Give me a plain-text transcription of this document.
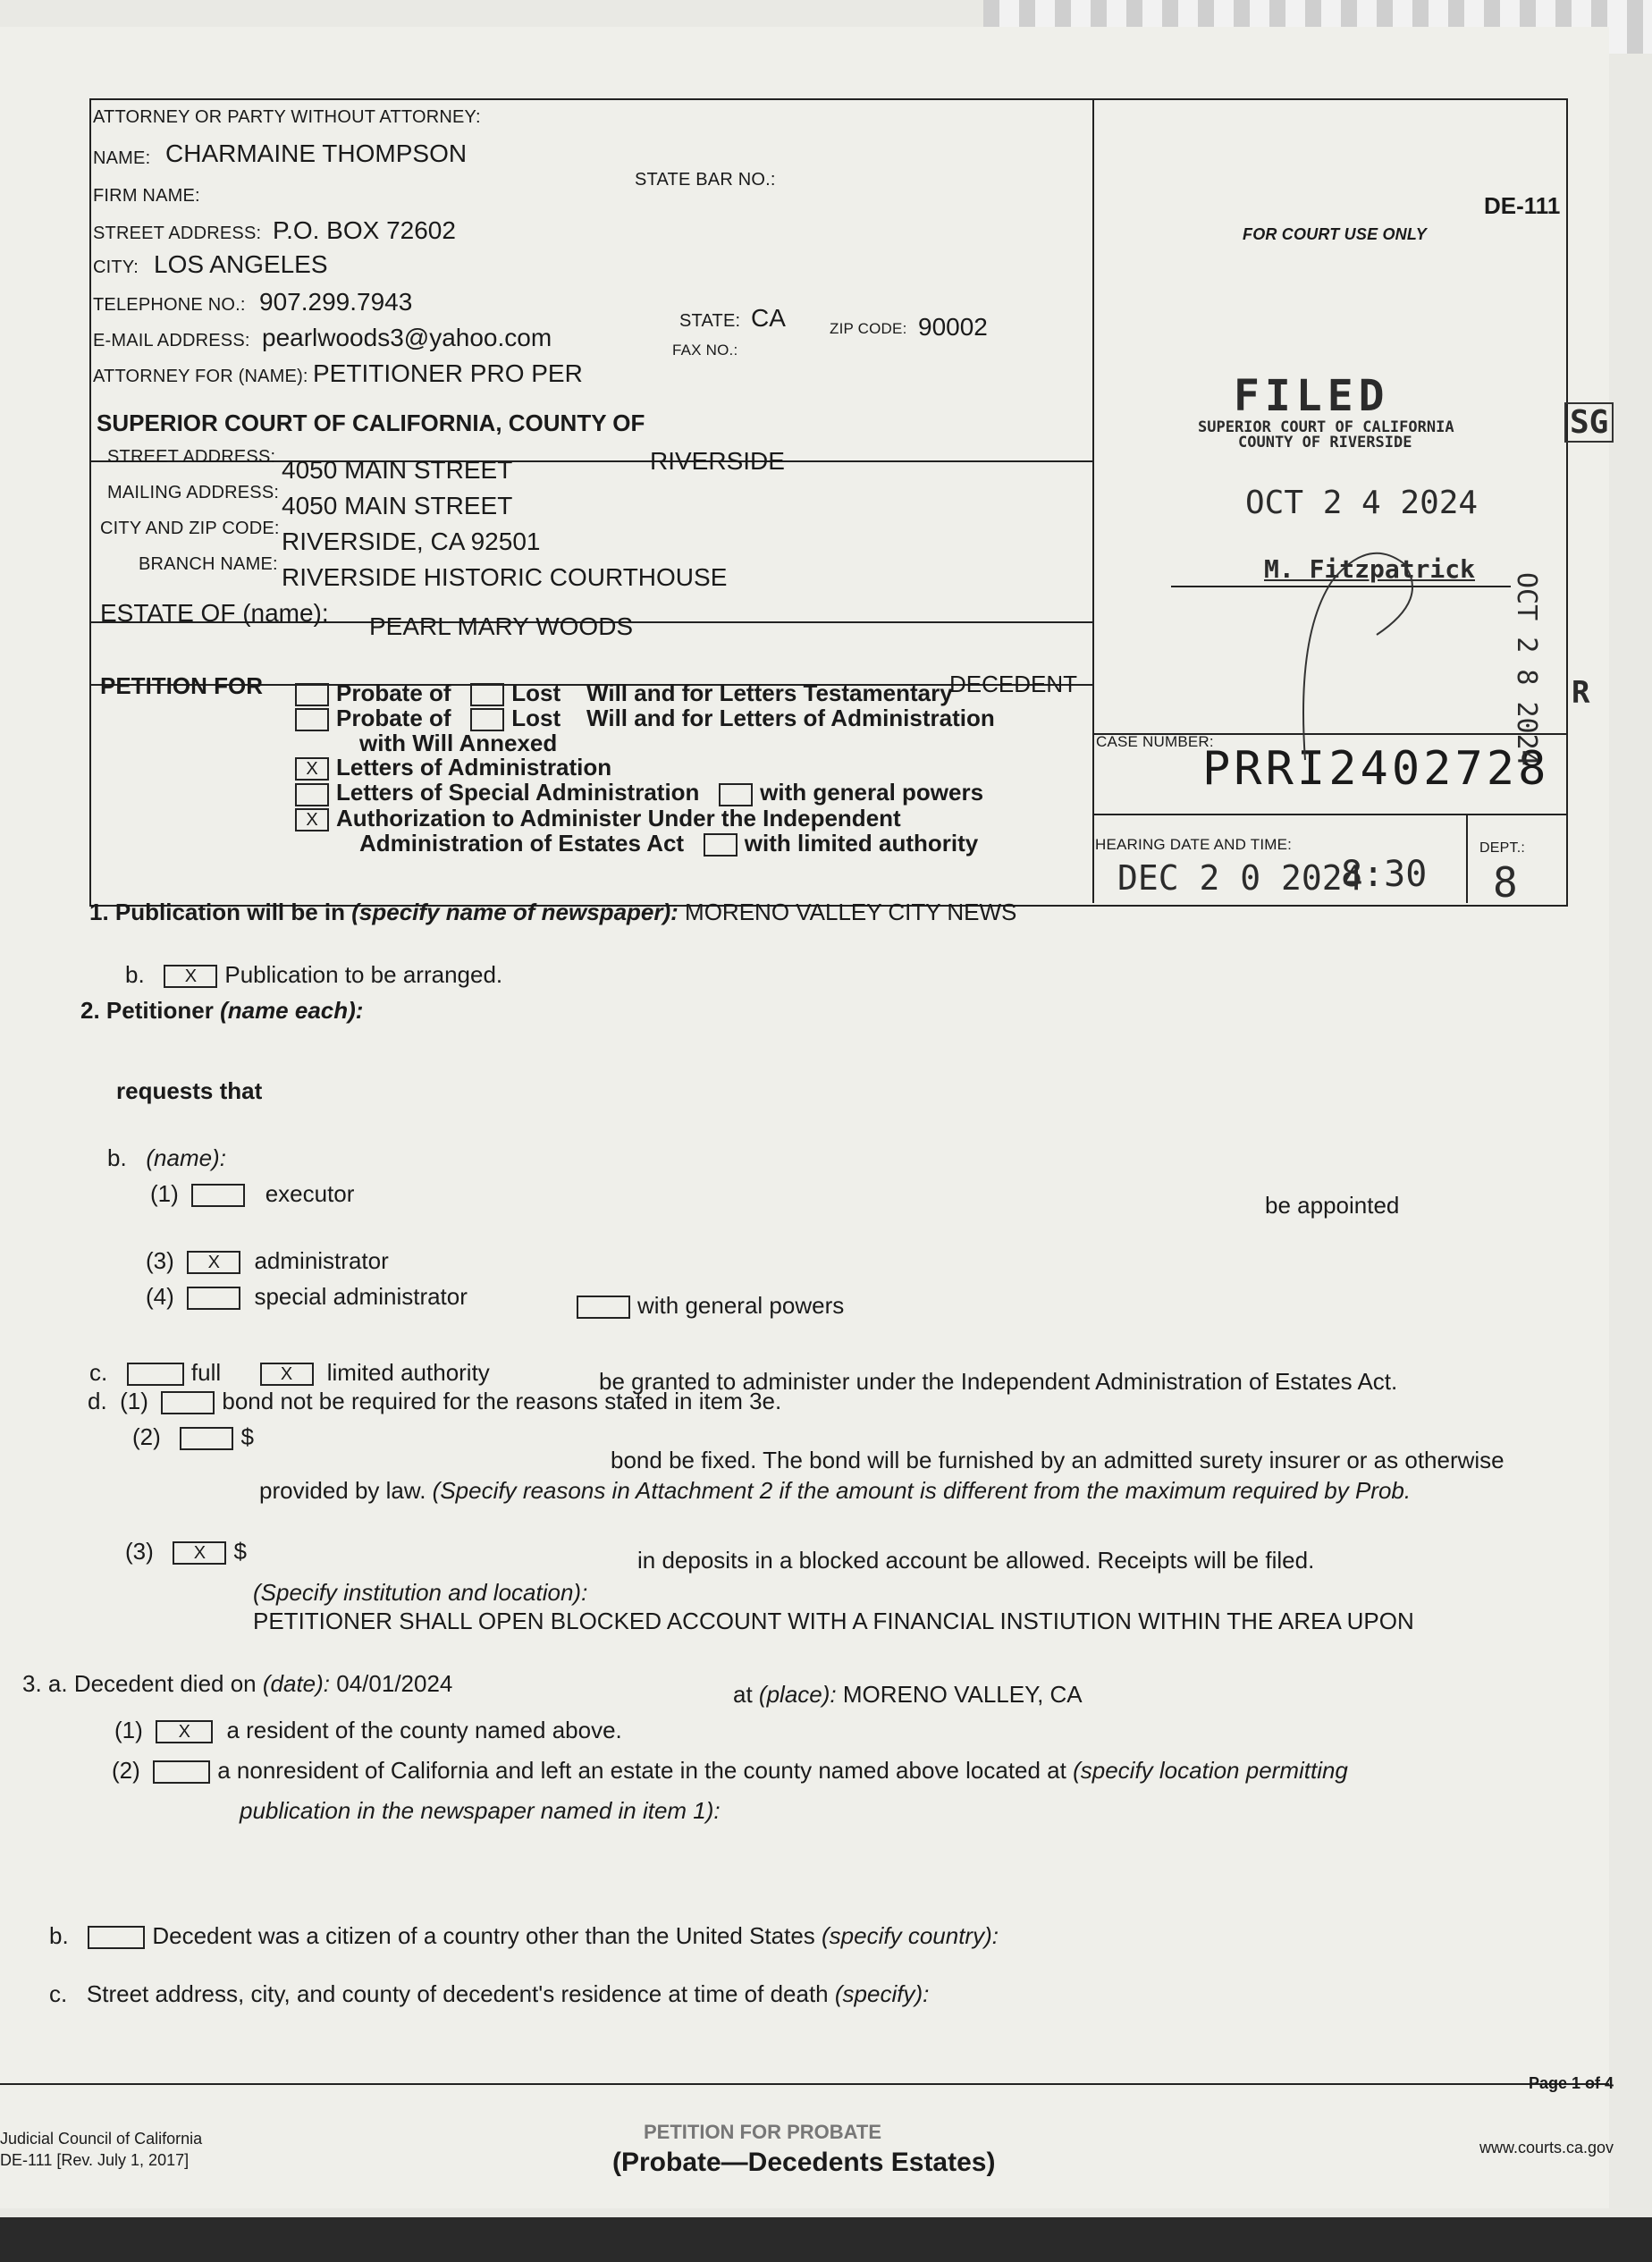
DE-111
FOR COURT USE ONLY
ATTORNEY OR PARTY WITHOUT ATTORNEY:
STATE BAR NO.:
NAME: CHARMAINE THOMPSON
FIRM NAME:
STREET ADDRESS: P.O. BOX 72602
CITY: LOS ANGELES
STATE: CA	ZIP CODE: 90002
TELEPHONE NO.: 907.299.7943
FAX NO.:
E-MAIL ADDRESS: pearlwoods3@yahoo.com
ATTORNEY FOR (NAME): PETITIONER PRO PER
SUPERIOR COURT OF CALIFORNIA, COUNTY OF
RIVERSIDE
STREET ADDRESS: 4050 MAIN STREET
MAILING ADDRESS: 4050 MAIN STREET
CITY AND ZIP CODE: RIVERSIDE, CA 92501
BRANCH NAME: RIVERSIDE HISTORIC COURTHOUSE
ESTATE OF (name): PEARL MARY WOODS
DECEDENT
PETITION FOR	Probate of	Lost Will and for Letters Testamentary
Probate of	Lost Will and for Letters of Administration
with Will Annexed
X Letters of Administration
Letters of Special Administration	with general powers
X Authorization to Administer Under the Independent
Administration of Estates Act	with limited authority
CASE NUMBER:
PRRI2402728
HEARING DATE AND TIME:
DEC 2 0 2024
8:30
DEPT.:
8
FILED
SUPERIOR COURT OF CALIFORNIA
COUNTY OF RIVERSIDE
OCT 2 4 2024
M. Fitzpatrick
SG
OCT 2 8 2024 R
1. Publication will be in (specify name of newspaper): MORENO VALLEY CITY NEWS
b. X Publication to be arranged.
2. Petitioner (name each):
requests that
b. (name):
(1)	executor	be appointed
(3) X administrator
(4)	special administrator	with general powers
c.	full	X limited authority	be granted to administer under the Independent Administration of Estates Act.
d. (1)	bond not be required for the reasons stated in item 3e.
(2)	$
bond be fixed. The bond will be furnished by an admitted surety insurer or as otherwise
provided by law. (Specify reasons in Attachment 2 if the amount is different from the maximum required by Prob.
(3) X $	in deposits in a blocked account be allowed. Receipts will be filed.
(Specify institution and location):
PETITIONER SHALL OPEN BLOCKED ACCOUNT WITH A FINANCIAL INSTIUTION WITHIN THE AREA UPON
3. a. Decedent died on (date): 04/01/2024	at (place): MORENO VALLEY, CA
(1) X a resident of the county named above.
(2)	a nonresident of California and left an estate in the county named above located at (specify location permitting
publication in the newspaper named in item 1):
b.	Decedent was a citizen of a country other than the United States (specify country):
c. Street address, city, and county of decedent's residence at time of death (specify):
Page 1 of 4
Judicial Council of California
DE-111 [Rev. July 1, 2017]
PETITION FOR PROBATE
(Probate—Decedents Estates)	www.courts.ca.gov
